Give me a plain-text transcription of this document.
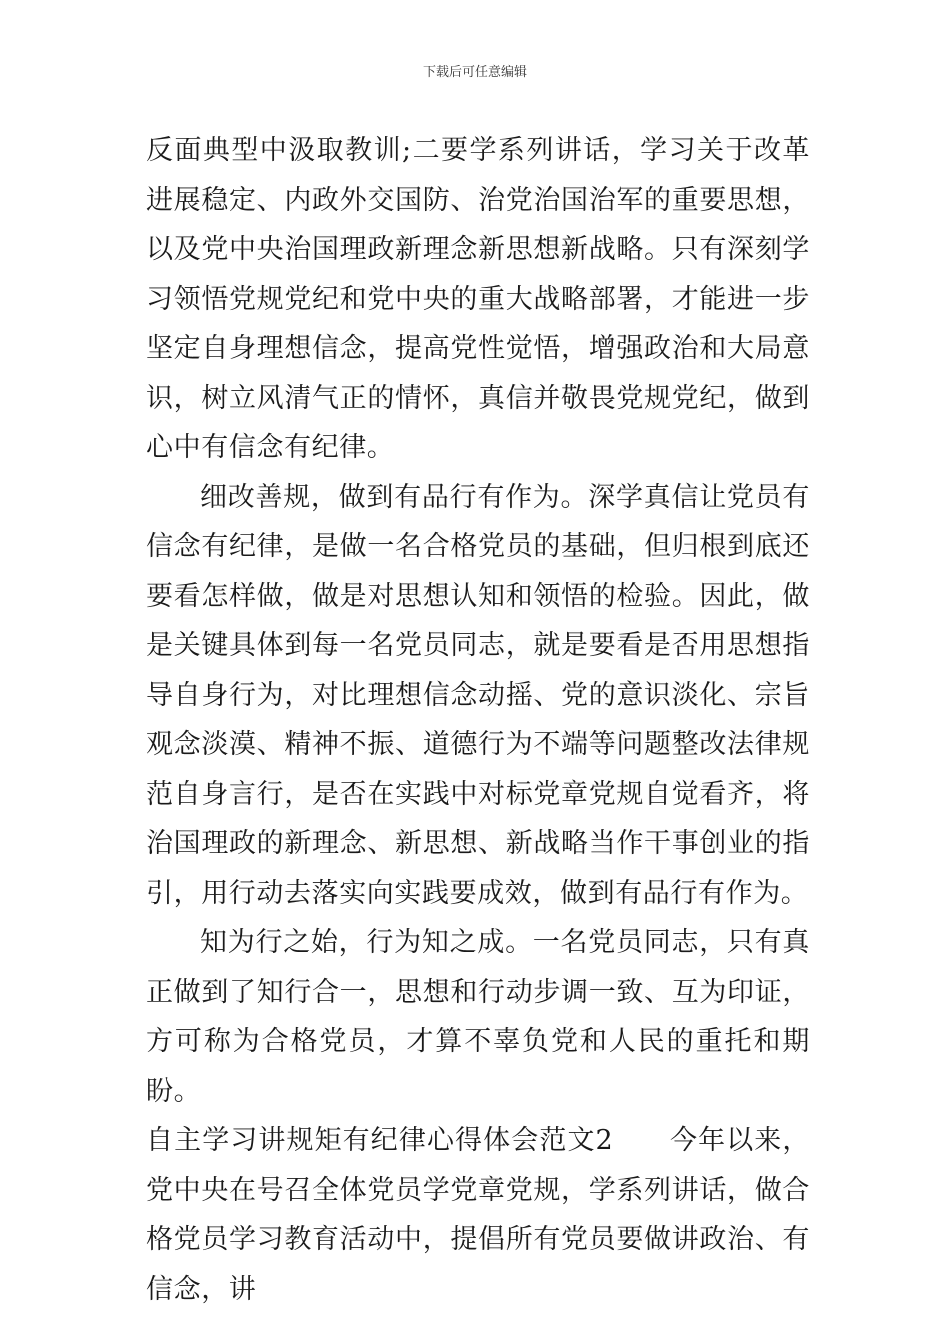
下载后可任意编辑

反面典型中汲取教训;二要学系列讲话，学习关于改革进展稳定、内政外交国防、治党治国治军的重要思想，以及党中央治国理政新理念新思想新战略。只有深刻学习领悟党规党纪和党中央的重大战略部署，才能进一步坚定自身理想信念，提高党性觉悟，增强政治和大局意识，树立风清气正的情怀，真信并敬畏党规党纪，做到心中有信念有纪律。

细改善规，做到有品行有作为。深学真信让党员有信念有纪律，是做一名合格党员的基础，但归根到底还要看怎样做，做是对思想认知和领悟的检验。因此，做是关键具体到每一名党员同志，就是要看是否用思想指导自身行为，对比理想信念动摇、党的意识淡化、宗旨观念淡漠、精神不振、道德行为不端等问题整改法律规范自身言行，是否在实践中对标党章党规自觉看齐，将治国理政的新理念、新思想、新战略当作干事创业的指引，用行动去落实向实践要成效，做到有品行有作为。

知为行之始，行为知之成。一名党员同志，只有真正做到了知行合一，思想和行动步调一致、互为印证，方可称为合格党员，才算不辜负党和人民的重托和期盼。

自主学习讲规矩有纪律心得体会范文2　　今年以来，党中央在号召全体党员学党章党规，学系列讲话，做合格党员学习教育活动中，提倡所有党员要做讲政治、有信念，讲
